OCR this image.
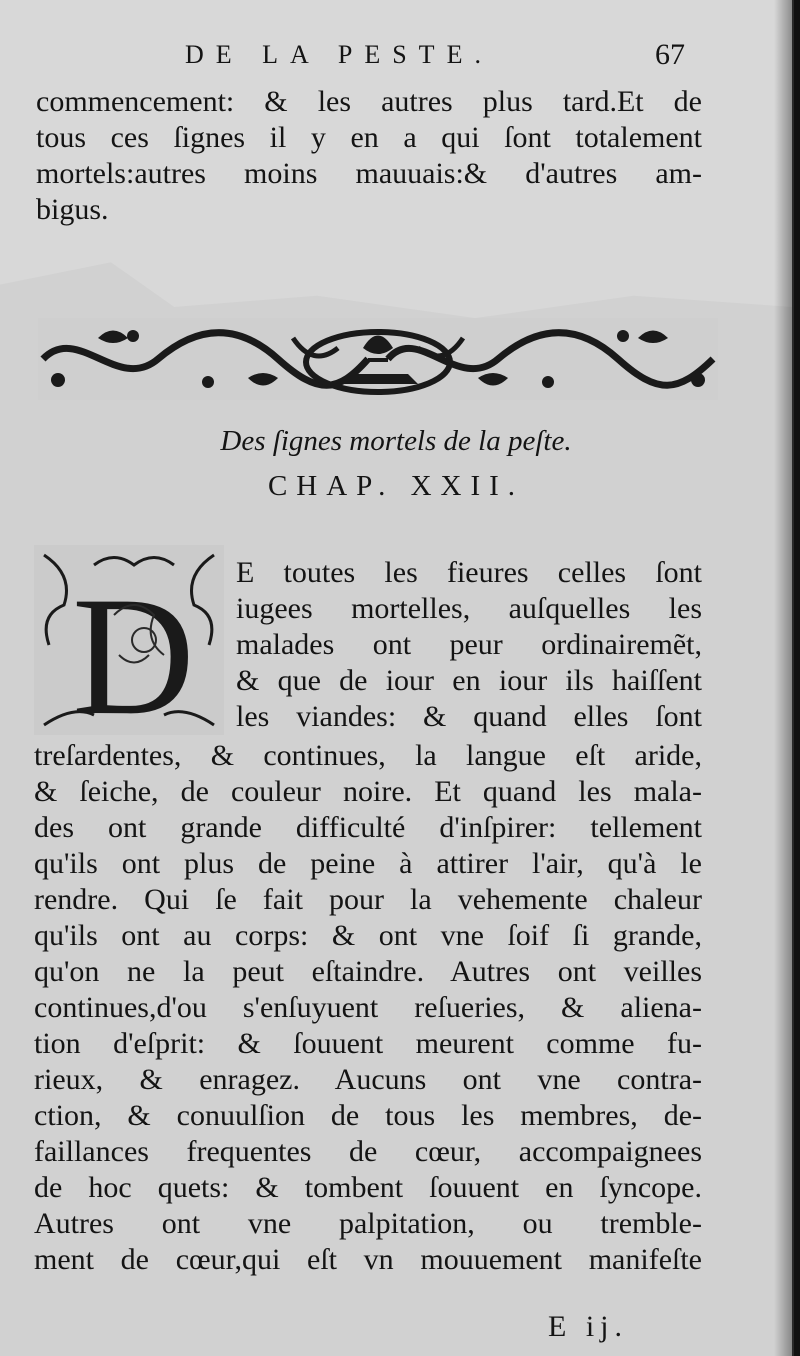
DE LA PESTE.	67
commencement: & les autres plus tard.Et de
tous ces ſignes il y en a qui ſont totalement
mortels:autres moins mauuais:& d'autres am-
bigus.
Des ſignes mortels de la peſte.
CHAP. XXII.
D E toutes les fieures celles ſont
iugees mortelles, auſquelles les
malades ont peur ordinairemẽt,
& que de iour en iour ils haiſſent
les viandes: & quand elles ſont
treſardentes, & continues, la langue eſt aride,
& ſeiche, de couleur noire. Et quand les mala-
des ont grande difficulté d'inſpirer: tellement
qu'ils ont plus de peine à attirer l'air, qu'à le
rendre. Qui ſe fait pour la vehemente chaleur
qu'ils ont au corps: & ont vne ſoif ſi grande,
qu'on ne la peut eſtaindre. Autres ont veilles
continues,d'ou s'enſuyuent reſueries, & aliena-
tion d'eſprit: & ſouuent meurent comme fu-
rieux, & enragez. Aucuns ont vne contra-
ction, & conuulſion de tous les membres, de-
faillances frequentes de cœur, accompaignees
de hoc quets: & tombent ſouuent en ſyncope.
Autres ont vne palpitation, ou tremble-
ment de cœur,qui eſt vn mouuement manifeſte
E ij.
